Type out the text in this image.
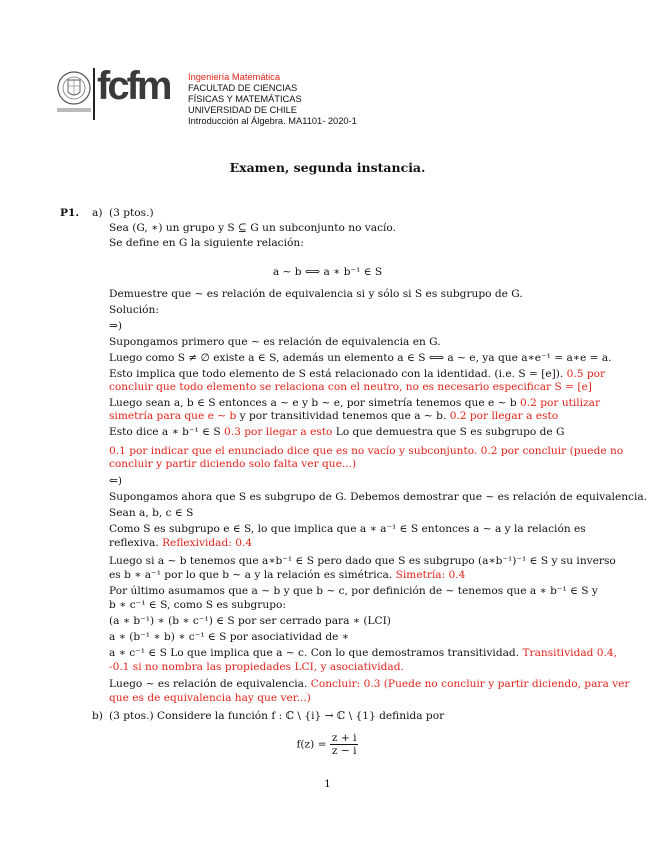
fcfm Ingeniería Matemática
FACULTAD DE CIENCIAS
FÍSICAS Y MATEMÁTICAS
UNIVERSIDAD DE CHILE
Introducción al Álgebra. MA1101- 2020-1
Examen, segunda instancia.
P1. a) (3 ptos.)
Sea (G, ∗) un grupo y S ⊆ G un subconjunto no vacío.
Se define en G la siguiente relación:
a ∼ b ⟺ a ∗ b⁻¹ ∈ S
Demuestre que ∼ es relación de equivalencia si y sólo si S es subgrupo de G.
Solución:
⇒)
Supongamos primero que ∼ es relación de equivalencia en G.
Luego como S ≠ ∅ existe a ∈ S, además un elemento a ∈ S ⟺ a ∼ e, ya que a∗e⁻¹ = a∗e = a.
Esto implica que todo elemento de S está relacionado con la identidad. (i.e. S = [e]). 0.5 por
concluir que todo elemento se relaciona con el neutro, no es necesario especificar S = [e]
Luego sean a, b ∈ S entonces a ∼ e y b ∼ e, por simetría tenemos que e ∼ b 0.2 por utilizar
simetría para que e ∼ b y por transitividad tenemos que a ∼ b. 0.2 por llegar a esto
Esto dice a ∗ b⁻¹ ∈ S 0.3 por llegar a esto Lo que demuestra que S es subgrupo de G
0.1 por indicar que el enunciado dice que es no vacío y subconjunto. 0.2 por concluir (puede no
concluir y partir diciendo solo falta ver que...)
⇐)
Supongamos ahora que S es subgrupo de G. Debemos demostrar que ∼ es relación de equivalencia.
Sean a, b, c ∈ S
Como S es subgrupo e ∈ S, lo que implica que a ∗ a⁻¹ ∈ S entonces a ∼ a y la relación es
reflexiva. Reflexividad: 0.4
Luego si a ∼ b tenemos que a∗b⁻¹ ∈ S pero dado que S es subgrupo (a∗b⁻¹)⁻¹ ∈ S y su inverso
es b ∗ a⁻¹ por lo que b ∼ a y la relación es simétrica. Simetría: 0.4
Por último asumamos que a ∼ b y que b ∼ c, por definición de ∼ tenemos que a ∗ b⁻¹ ∈ S y
b ∗ c⁻¹ ∈ S, como S es subgrupo:
(a ∗ b⁻¹) ∗ (b ∗ c⁻¹) ∈ S por ser cerrado para ∗ (LCI)
a ∗ (b⁻¹ ∗ b) ∗ c⁻¹ ∈ S por asociatividad de ∗
a ∗ c⁻¹ ∈ S Lo que implica que a ∼ c. Con lo que demostramos transitividad. Transitividad 0.4,
-0.1 si no nombra las propiedades LCI, y asociatividad.
Luego ∼ es relación de equivalencia. Concluir: 0.3 (Puede no concluir y partir diciendo, para ver
que es de equivalencia hay que ver...)
b) (3 ptos.) Considere la función f : ℂ \ {i} → ℂ \ {1} definida por
$f(z) = \frac{z + i}{z - i}$
1
